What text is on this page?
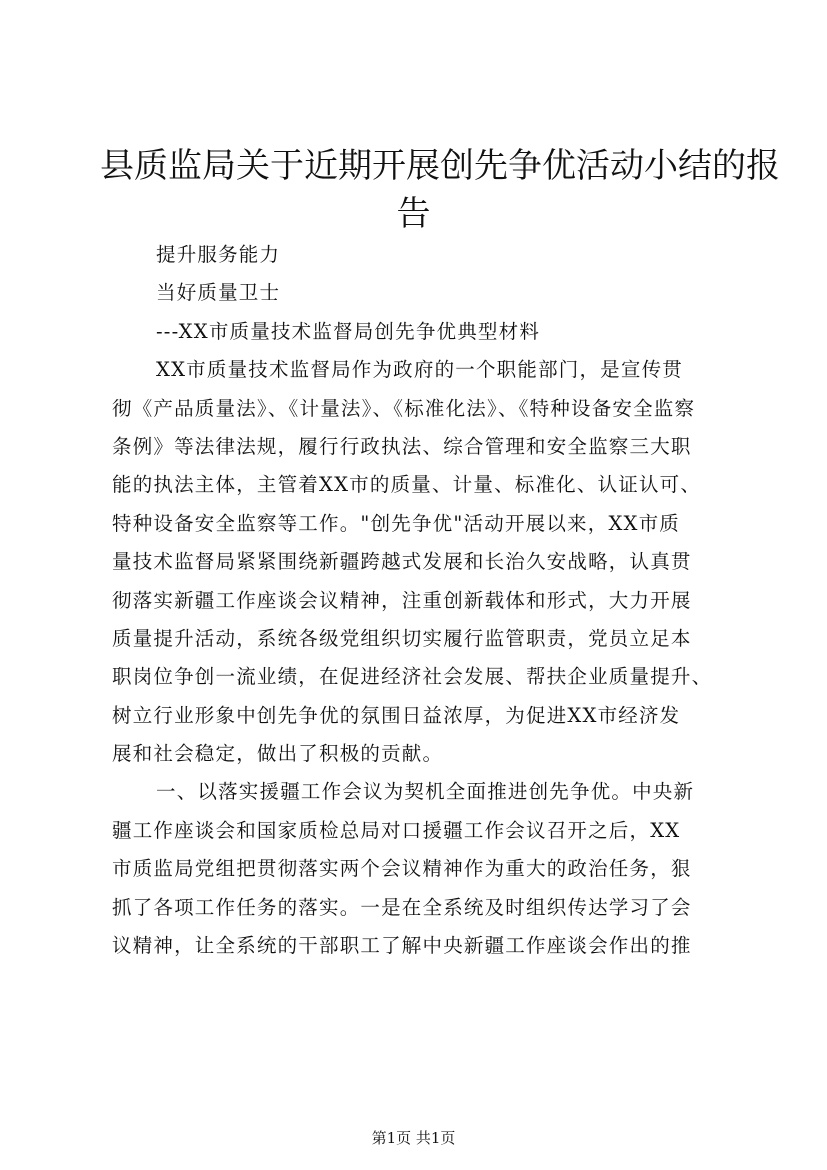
县质监局关于近期开展创先争优活动小结的报
告
提升服务能力
当好质量卫士
---XX市质量技术监督局创先争优典型材料
XX市质量技术监督局作为政府的一个职能部门，是宣传贯
彻《产品质量法》、《计量法》、《标准化法》、《特种设备安全监察
条例》等法律法规，履行行政执法、综合管理和安全监察三大职
能的执法主体，主管着XX市的质量、计量、标准化、认证认可、
特种设备安全监察等工作。"创先争优"活动开展以来，XX市质
量技术监督局紧紧围绕新疆跨越式发展和长治久安战略，认真贯
彻落实新疆工作座谈会议精神，注重创新载体和形式，大力开展
质量提升活动，系统各级党组织切实履行监管职责，党员立足本
职岗位争创一流业绩，在促进经济社会发展、帮扶企业质量提升、
树立行业形象中创先争优的氛围日益浓厚，为促进XX市经济发
展和社会稳定，做出了积极的贡献。
一、以落实援疆工作会议为契机全面推进创先争优。中央新
疆工作座谈会和国家质检总局对口援疆工作会议召开之后，XX
市质监局党组把贯彻落实两个会议精神作为重大的政治任务，狠
抓了各项工作任务的落实。一是在全系统及时组织传达学习了会
议精神，让全系统的干部职工了解中央新疆工作座谈会作出的推
第1页 共1页
